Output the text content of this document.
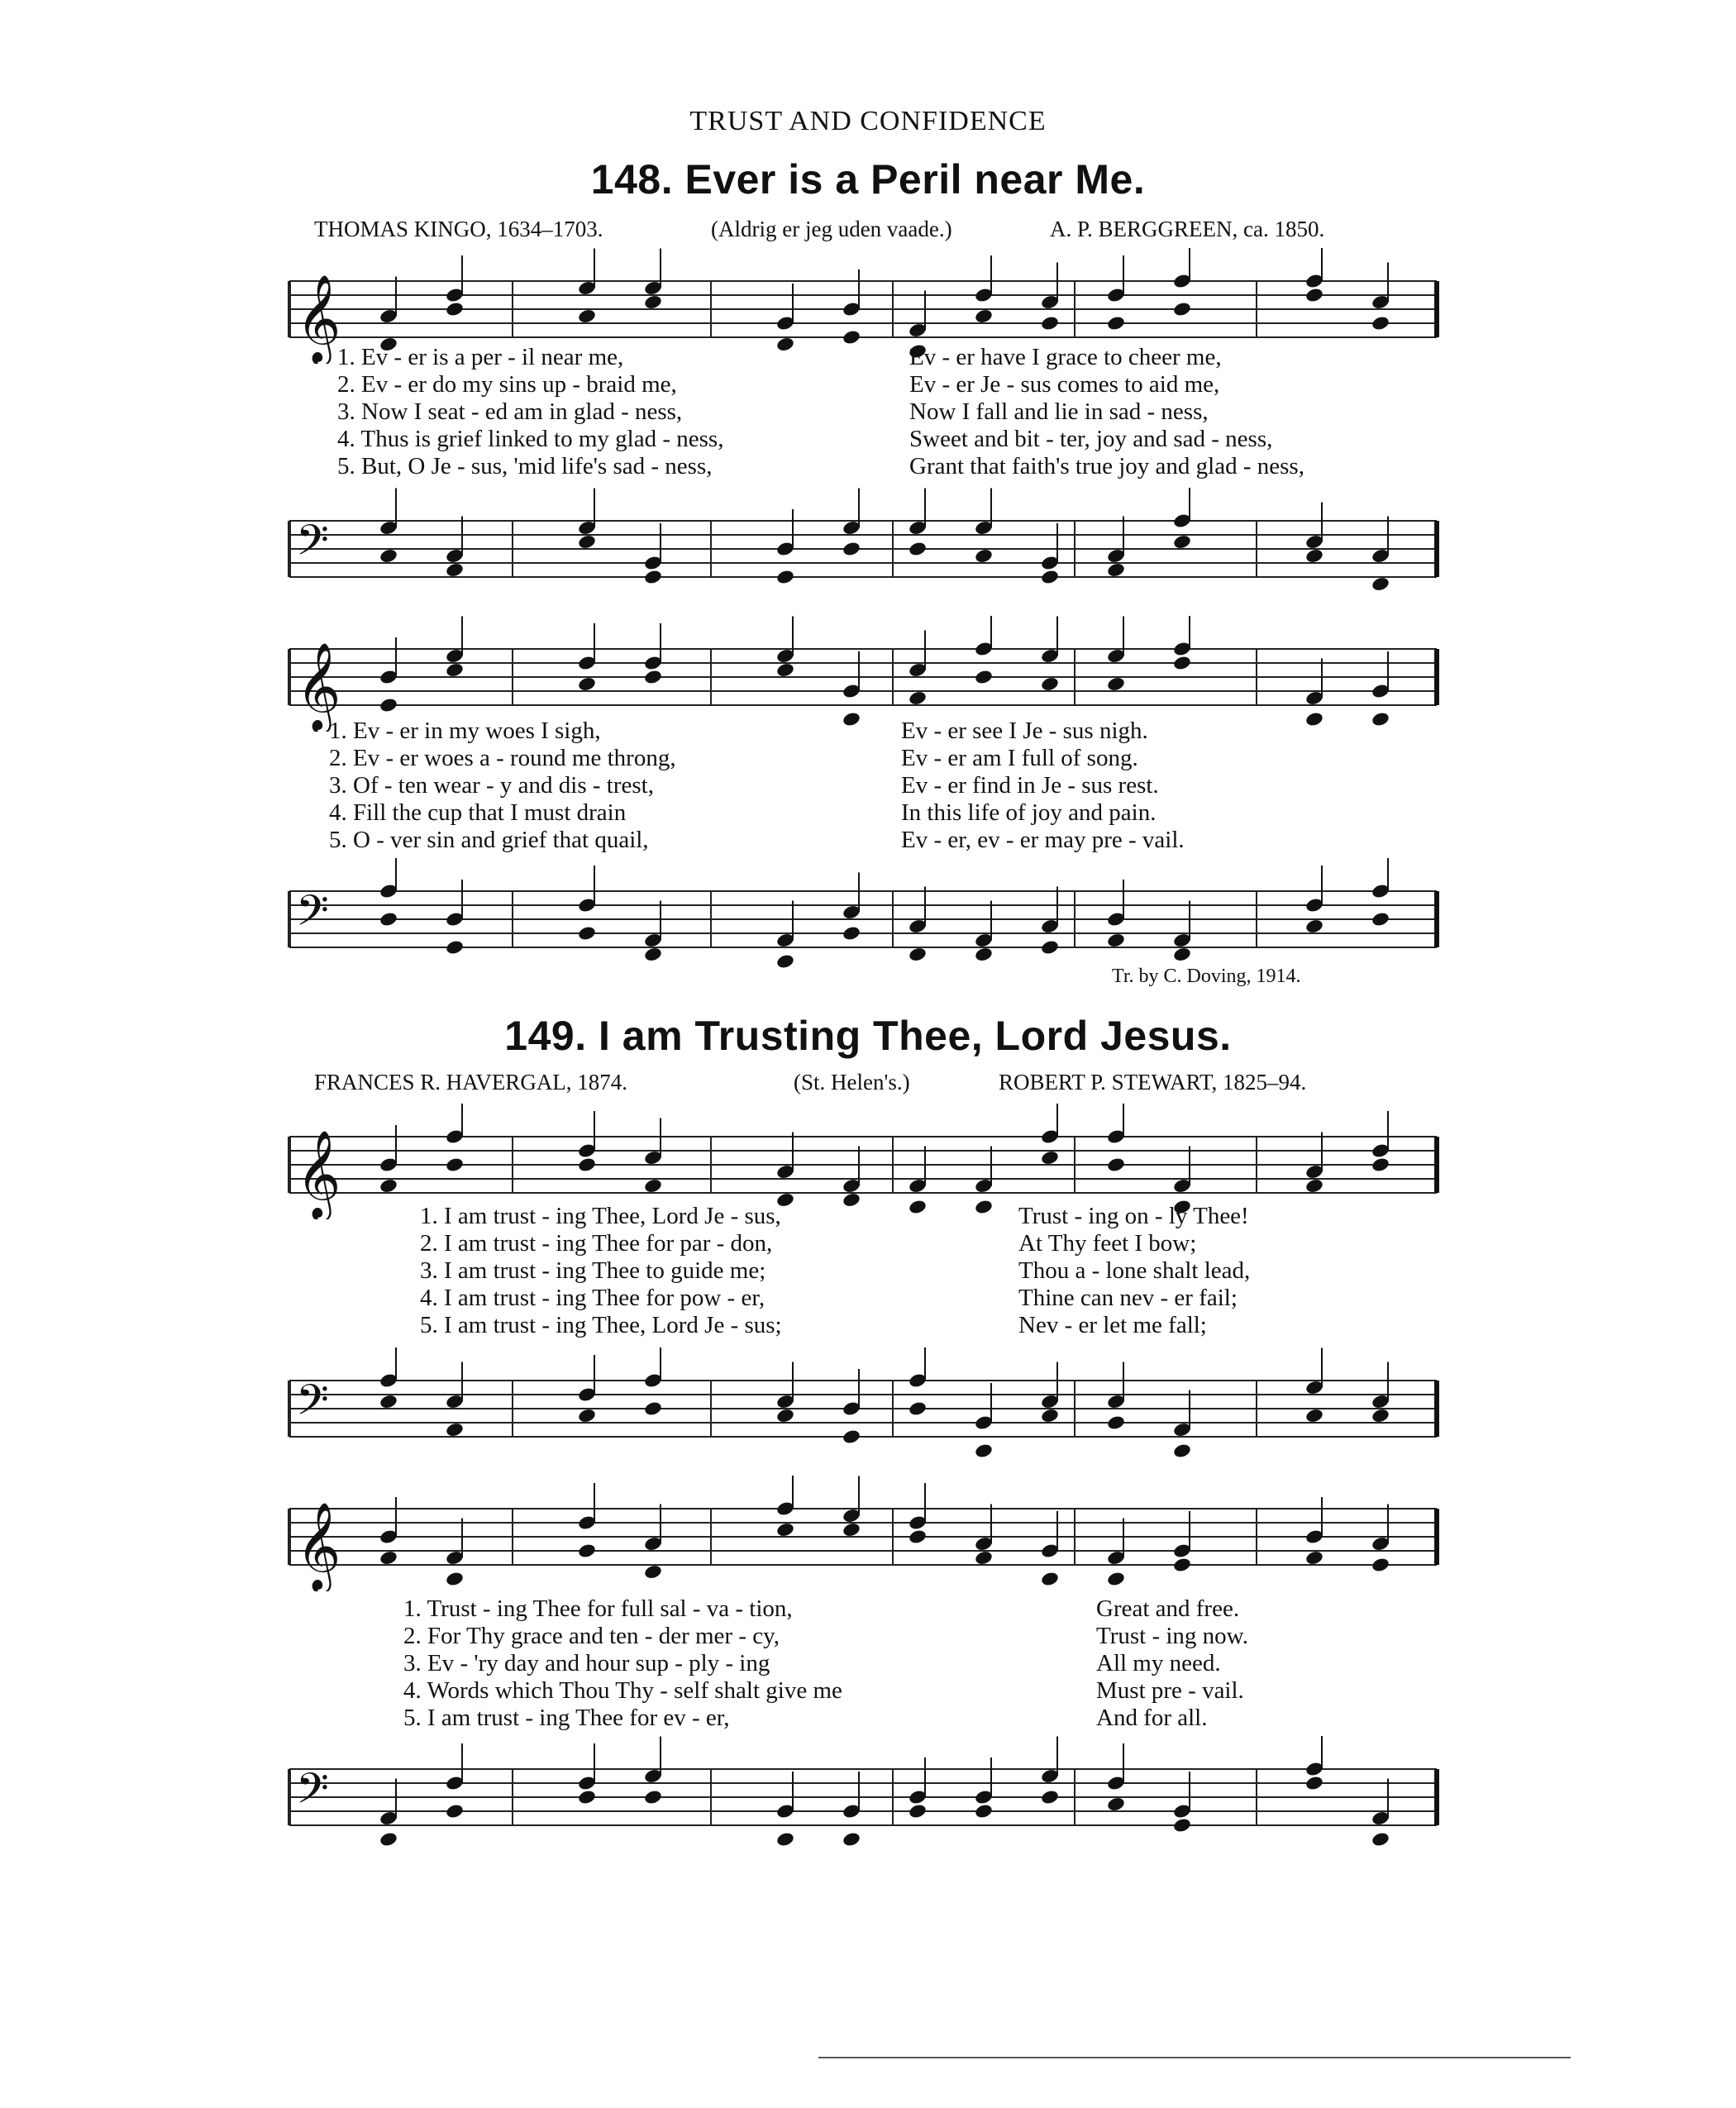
TRUST AND CONFIDENCE
148. Ever is a Peril near Me.
THOMAS KINGO, 1634–1703.	(Aldrig er jeg uden vaade.)	A. P. BERGGREEN, ca. 1850.
𝄞
1. Ev - er is a per - il near me,	Ev - er have I grace to cheer me,
2. Ev - er do my sins up - braid me,	Ev - er Je - sus comes to aid me,
3. Now I seat - ed am in glad - ness,	Now I fall and lie in sad - ness,
4. Thus is grief linked to my glad - ness,	Sweet and bit - ter, joy and sad - ness,
5. But, O Je - sus, 'mid life's sad - ness,	Grant that faith's true joy and glad - ness,
𝄢
𝄞
1. Ev - er in my woes I sigh,	Ev - er see I Je - sus nigh.
2. Ev - er woes a - round me throng,	Ev - er am I full of song.
3. Of - ten wear - y and dis - trest,	Ev - er find in Je - sus rest.
4. Fill the cup that I must drain	In this life of joy and pain.
5. O - ver sin and grief that quail,	Ev - er, ev - er may pre - vail.
𝄢
Tr. by C. Doving, 1914.
149. I am Trusting Thee, Lord Jesus.
FRANCES R. HAVERGAL, 1874.	(St. Helen's.)	ROBERT P. STEWART, 1825–94.
𝄞	1. I am trust - ing Thee, Lord Je - sus,	Trust - ing on - ly Thee!
2. I am trust - ing Thee for par - don,	At Thy feet I bow;
3. I am trust - ing Thee to guide me;	Thou a - lone shalt lead,
4. I am trust - ing Thee for pow - er,	Thine can nev - er fail;
5. I am trust - ing Thee, Lord Je - sus;	Nev - er let me fall;
𝄢
𝄞
1. Trust - ing Thee for full sal - va - tion,	Great and free.
2. For Thy grace and ten - der mer - cy,	Trust - ing now.
3. Ev - 'ry day and hour sup - ply - ing	All my need.
4. Words which Thou Thy - self shalt give me	Must pre - vail.
5. I am trust - ing Thee for ev - er,	And for all.
𝄢
